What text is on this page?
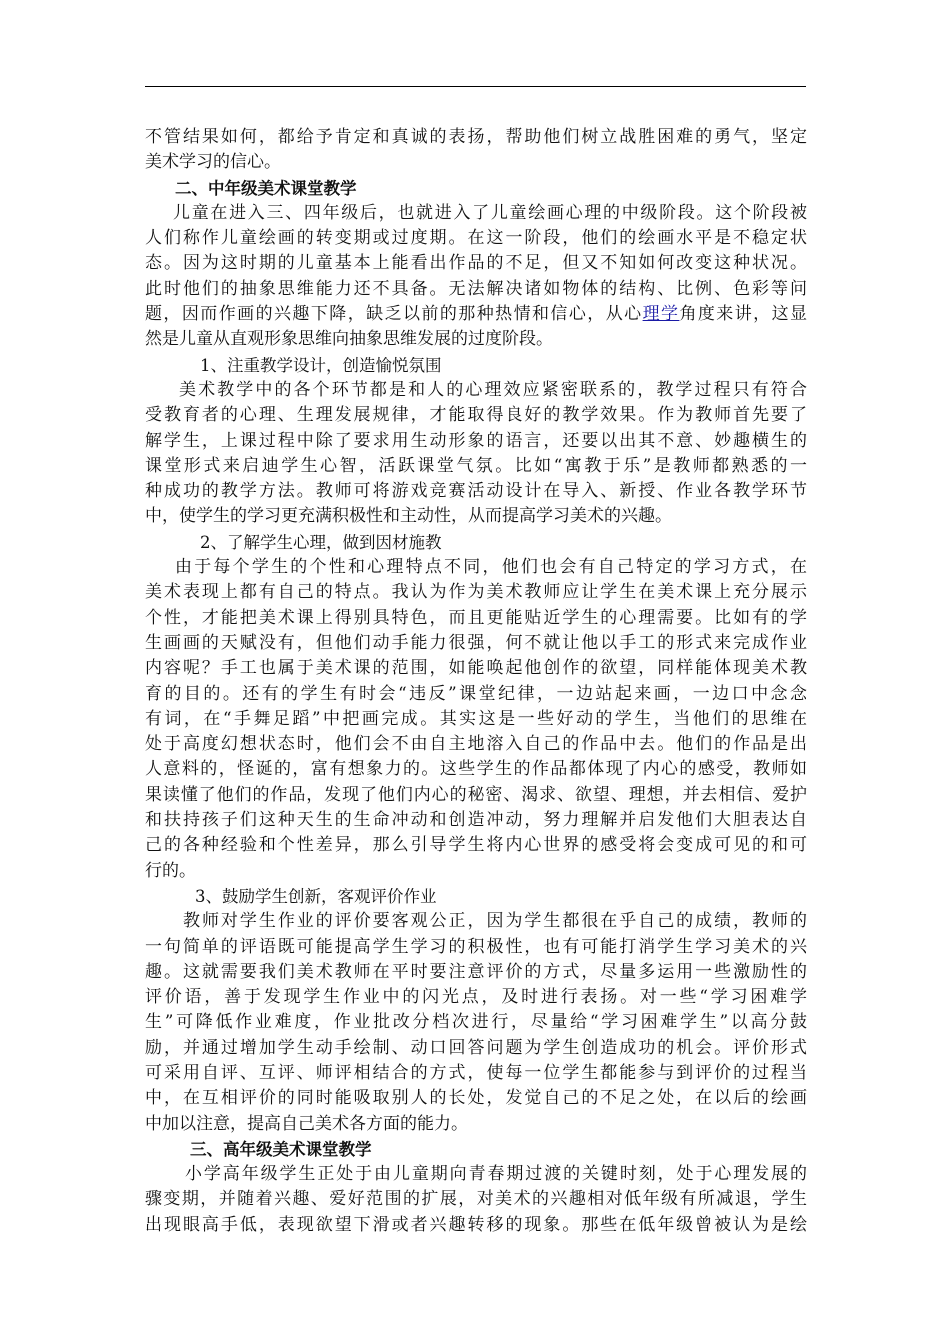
不管结果如何，都给予肯定和真诚的表扬，帮助他们树立战胜困难的勇气，坚定
美术学习的信心。
二、中年级美术课堂教学
儿童在进入三、四年级后，也就进入了儿童绘画心理的中级阶段。这个阶段被
人们称作儿童绘画的转变期或过度期。在这一阶段，他们的绘画水平是不稳定状
态。因为这时期的儿童基本上能看出作品的不足，但又不知如何改变这种状况。
此时他们的抽象思维能力还不具备。无法解决诸如物体的结构、比例、色彩等问
题，因而作画的兴趣下降，缺乏以前的那种热情和信心，从心理学角度来讲，这显
然是儿童从直观形象思维向抽象思维发展的过度阶段。
1、注重教学设计，创造愉悦氛围
美术教学中的各个环节都是和人的心理效应紧密联系的，教学过程只有符合
受教育者的心理、生理发展规律，才能取得良好的教学效果。作为教师首先要了
解学生，上课过程中除了要求用生动形象的语言，还要以出其不意、妙趣横生的
课堂形式来启迪学生心智，活跃课堂气氛。比如“寓教于乐”是教师都熟悉的一
种成功的教学方法。教师可将游戏竞赛活动设计在导入、新授、作业各教学环节
中，使学生的学习更充满积极性和主动性，从而提高学习美术的兴趣。
2、了解学生心理，做到因材施教
由于每个学生的个性和心理特点不同，他们也会有自己特定的学习方式，在
美术表现上都有自己的特点。我认为作为美术教师应让学生在美术课上充分展示
个性，才能把美术课上得别具特色，而且更能贴近学生的心理需要。比如有的学
生画画的天赋没有，但他们动手能力很强，何不就让他以手工的形式来完成作业
内容呢？手工也属于美术课的范围，如能唤起他创作的欲望，同样能体现美术教
育的目的。还有的学生有时会“违反”课堂纪律，一边站起来画，一边口中念念
有词，在“手舞足蹈”中把画完成。其实这是一些好动的学生，当他们的思维在
处于高度幻想状态时，他们会不由自主地溶入自己的作品中去。他们的作品是出
人意料的，怪诞的，富有想象力的。这些学生的作品都体现了内心的感受，教师如
果读懂了他们的作品，发现了他们内心的秘密、渴求、欲望、理想，并去相信、爱护
和扶持孩子们这种天生的生命冲动和创造冲动，努力理解并启发他们大胆表达自
己的各种经验和个性差异，那么引导学生将内心世界的感受将会变成可见的和可
行的。
3、鼓励学生创新，客观评价作业
教师对学生作业的评价要客观公正，因为学生都很在乎自己的成绩，教师的
一句简单的评语既可能提高学生学习的积极性，也有可能打消学生学习美术的兴
趣。这就需要我们美术教师在平时要注意评价的方式，尽量多运用一些激励性的
评价语，善于发现学生作业中的闪光点，及时进行表扬。对一些“学习困难学
生”可降低作业难度，作业批改分档次进行，尽量给“学习困难学生”以高分鼓
励，并通过增加学生动手绘制、动口回答问题为学生创造成功的机会。评价形式
可采用自评、互评、师评相结合的方式，使每一位学生都能参与到评价的过程当
中，在互相评价的同时能吸取别人的长处，发觉自己的不足之处，在以后的绘画
中加以注意，提高自己美术各方面的能力。
三、高年级美术课堂教学
小学高年级学生正处于由儿童期向青春期过渡的关键时刻，处于心理发展的
骤变期，并随着兴趣、爱好范围的扩展，对美术的兴趣相对低年级有所减退，学生
出现眼高手低，表现欲望下滑或者兴趣转移的现象。那些在低年级曾被认为是绘
